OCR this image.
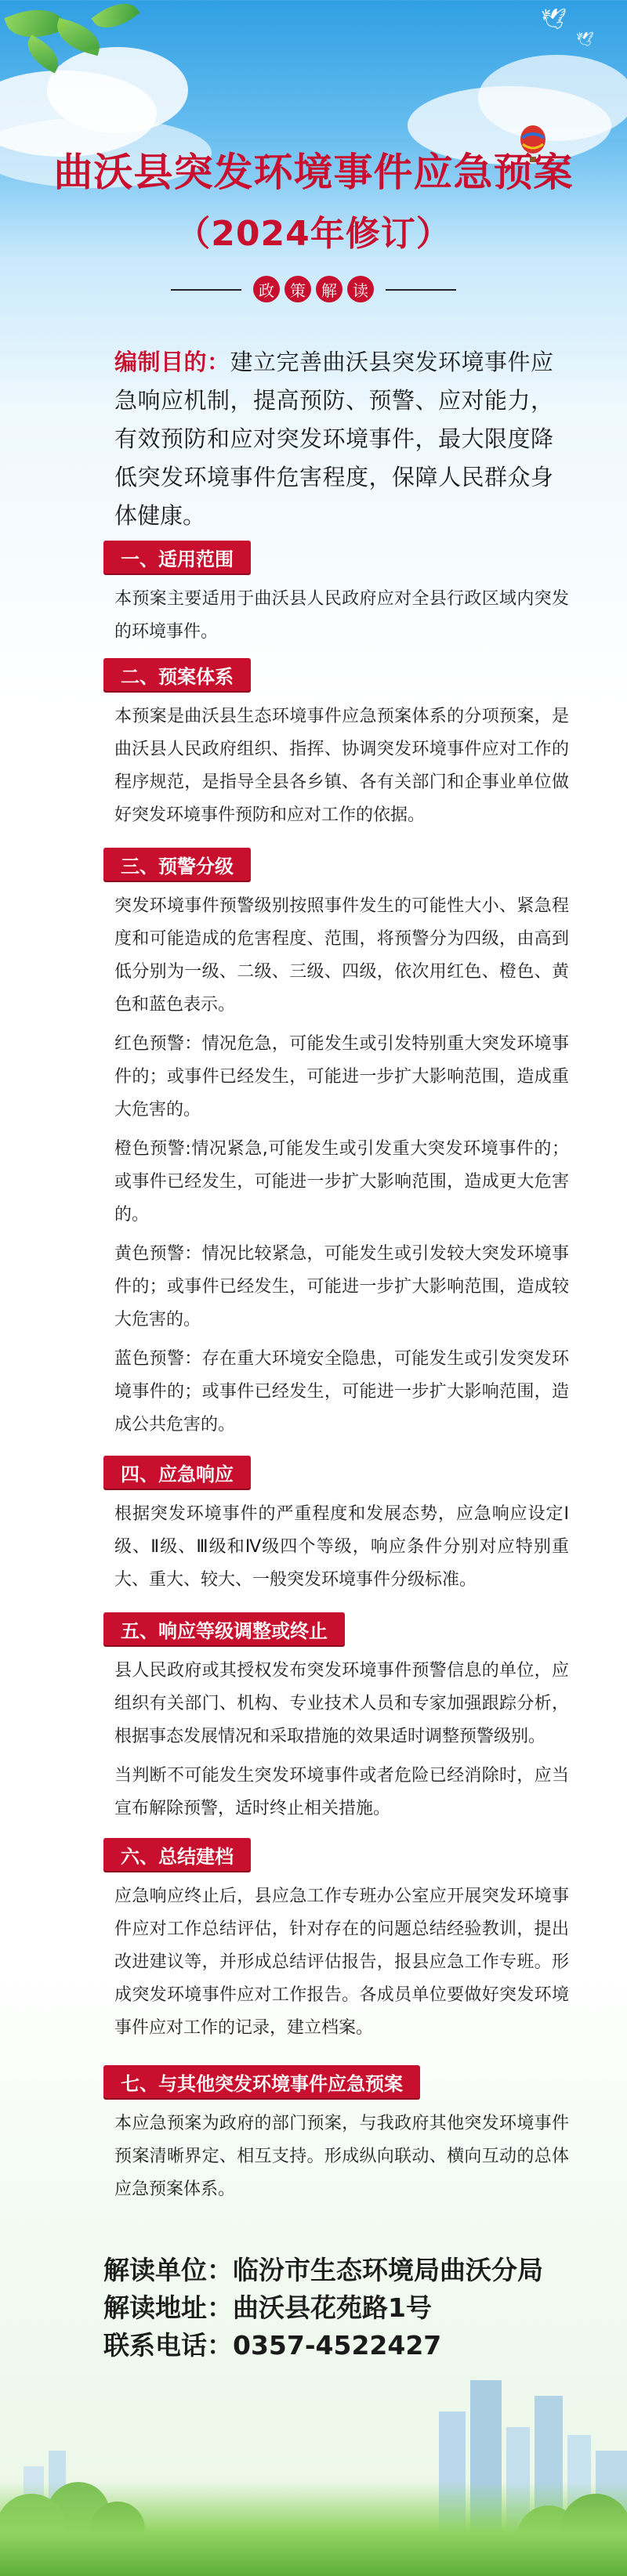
🕊
🕊
曲沃县突发环境事件应急预案
（2024年修订）
政	策	解	读
编制目的：建立完善曲沃县突发环境事件应急响应机制，提高预防、预警、应对能力，有效预防和应对突发环境事件，最大限度降低突发环境事件危害程度，保障人民群众身体健康。
一、适用范围

本预案主要适用于曲沃县人民政府应对全县行政区域内突发的环境事件。

二、预案体系

本预案是曲沃县生态环境事件应急预案体系的分项预案，是曲沃县人民政府组织、指挥、协调突发环境事件应对工作的程序规范，是指导全县各乡镇、各有关部门和企事业单位做好突发环境事件预防和应对工作的依据。

三、预警分级

突发环境事件预警级别按照事件发生的可能性大小、紧急程度和可能造成的危害程度、范围，将预警分为四级，由高到低分别为一级、二级、三级、四级，依次用红色、橙色、黄色和蓝色表示。

红色预警：情况危急，可能发生或引发特别重大突发环境事件的；或事件已经发生，可能进一步扩大影响范围，造成重大危害的。

橙色预警:情况紧急,可能发生或引发重大突发环境事件的；或事件已经发生，可能进一步扩大影响范围，造成更大危害的。

黄色预警：情况比较紧急，可能发生或引发较大突发环境事件的；或事件已经发生，可能进一步扩大影响范围，造成较大危害的。

蓝色预警：存在重大环境安全隐患，可能发生或引发突发环境事件的；或事件已经发生，可能进一步扩大影响范围，造成公共危害的。

四、应急响应

根据突发环境事件的严重程度和发展态势，应急响应设定Ⅰ级、Ⅱ级、Ⅲ级和Ⅳ级四个等级，响应条件分别对应特别重大、重大、较大、一般突发环境事件分级标准。

五、响应等级调整或终止

县人民政府或其授权发布突发环境事件预警信息的单位，应组织有关部门、机构、专业技术人员和专家加强跟踪分析，根据事态发展情况和采取措施的效果适时调整预警级别。

当判断不可能发生突发环境事件或者危险已经消除时，应当宣布解除预警，适时终止相关措施。

六、总结建档

应急响应终止后，县应急工作专班办公室应开展突发环境事件应对工作总结评估，针对存在的问题总结经验教训，提出改进建议等，并形成总结评估报告，报县应急工作专班。形成突发环境事件应对工作报告。各成员单位要做好突发环境事件应对工作的记录，建立档案。

七、与其他突发环境事件应急预案

本应急预案为政府的部门预案，与我政府其他突发环境事件预案清晰界定、相互支持。形成纵向联动、横向互动的总体应急预案体系。

解读单位：临汾市生态环境局曲沃分局
解读地址：曲沃县花苑路1号
联系电话：0357-4522427
